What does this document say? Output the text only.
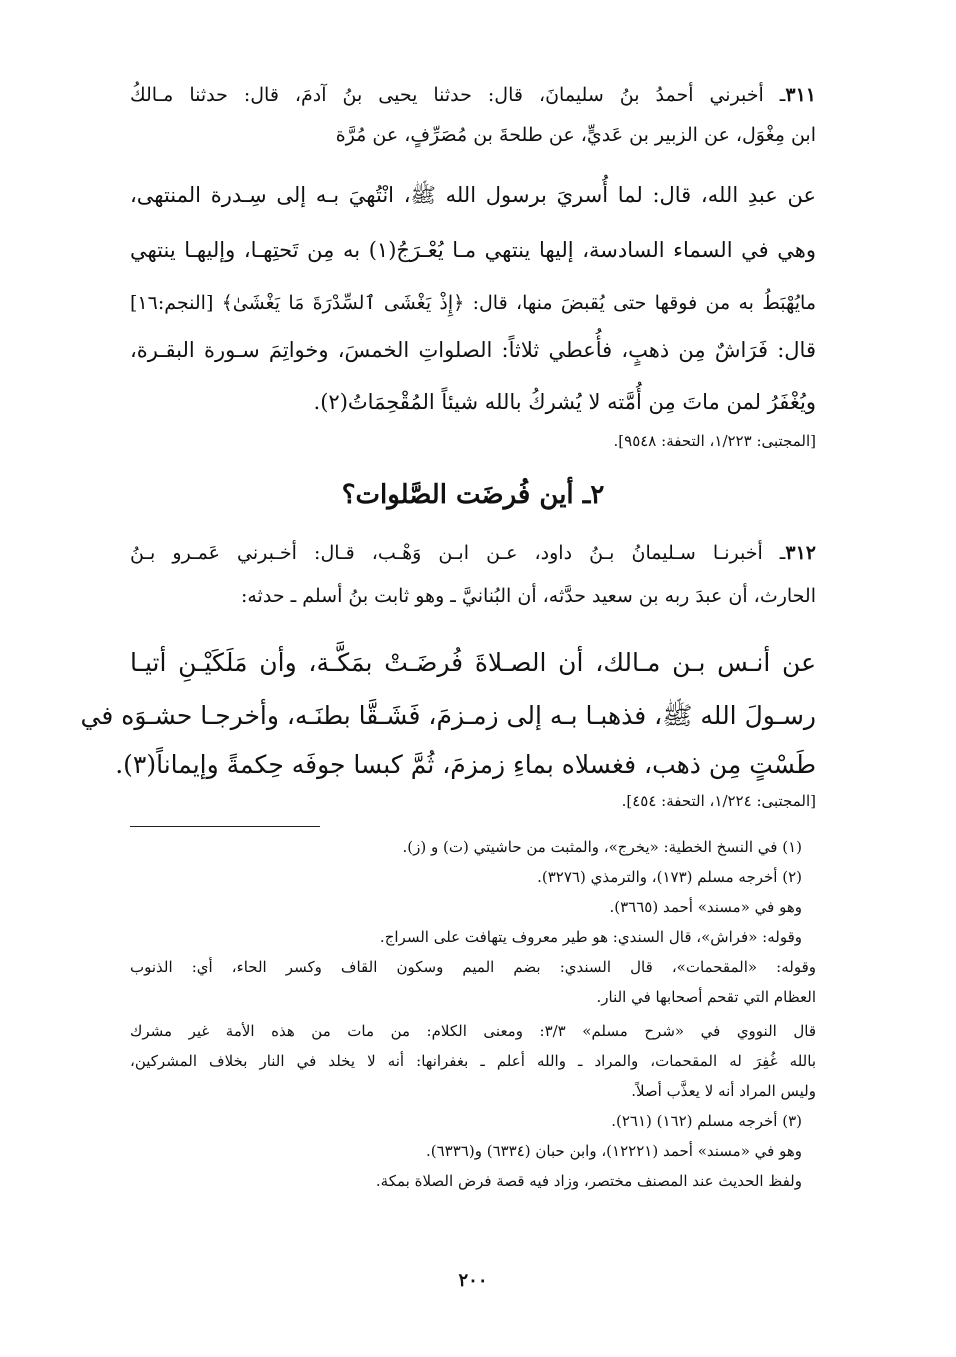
٣١١ـ أخبرني أحمدُ بنُ سليمانَ، قال: حدثنا يحيى بنُ آدمَ، قال: حدثنا مـالكُ
ابن مِغْوَل، عن الزبير بن عَديٍّ، عن طلحةَ بن مُصَرِّفٍ، عن مُرَّة
عن عبدِ الله، قال: لما أُسريَ برسول الله ﷺ، انْتُهيَ بـه إلى سِـدرة المنتهى،
وهي في السماء السادسة، إليها ينتهي مـا يُعْـرَجُ(١) به مِن تَحتِهـا، وإليهـا ينتهي
مايُهْبَطُ به من فوقها حتى يُقبضَ منها، قال: ﴿إِذْ يَغْشَى ٱلسِّدْرَةَ مَا يَغْشَىٰ﴾ [النجم:١٦]
قال: فَرَاشٌ مِن ذهبٍ، فأُعطي ثلاثاً: الصلواتِ الخمسَ، وخواتِمَ سـورة البقـرة،
ويُغْفَرُ لمن ماتَ مِن أُمَّته لا يُشركُ بالله شيئاً المُقْحِمَاتُ(٢).
[المجتبى: ١/٢٢٣، التحفة: ٩٥٤٨].
٢ـ أين فُرضَت الصَّلوات؟
٣١٢ـ أخبرنـا سـليمانُ بـنُ داود، عـن ابـن وَهْـب، قـال: أخـبرني عَمـرو بـنُ
الحارث، أن عبدَ ربه بن سعيد حدَّثه، أن البُنانيَّ ـ وهو ثابت بنُ أسلم ـ حدثه:
عن أنـس بـن مـالك، أن الصـلاةَ فُرضَـتْ بمَكَّـة، وأن مَلَكَيْـنِ أتيـا
رسـولَ الله ﷺ، فذهبـا بـه إلى زمـزمَ، فَشَـقَّا بطنَـه، وأخرجـا حشـوَه في
طَسْتٍ مِن ذهب، فغسلاه بماءِ زمزمَ، ثُمَّ كبسا جوفَه حِكمةً وإيماناً(٣).
[المجتبى: ١/٢٢٤، التحفة: ٤٥٤].
(١) في النسخ الخطية: «يخرج»، والمثبت من حاشيتي (ت) و (ز).
(٢) أخرجه مسلم (١٧٣)، والترمذي (٣٢٧٦).
وهو في «مسند» أحمد (٣٦٦٥).
وقوله: «فراش»، قال السندي: هو طير معروف يتهافت على السراج.
وقوله: «المقحمات»، قال السندي: بضم الميم وسكون القاف وكسر الحاء، أي: الذنوب
العظام التي تقحم أصحابها في النار.
قال النووي في «شرح مسلم» ٣/٣: ومعنى الكلام: من مات من هذه الأمة غير مشرك
بالله غُفِرَ له المقحمات، والمراد ـ والله أعلم ـ بغفرانها: أنه لا يخلد في النار بخلاف المشركين،
وليس المراد أنه لا يعذَّب أصلاً.
(٣) أخرجه مسلم (١٦٢) (٢٦١).
وهو في «مسند» أحمد (١٢٢٢١)، وابن حبان (٦٣٣٤) و(٦٣٣٦).
ولفظ الحديث عند المصنف مختصر، وزاد فيه قصة فرض الصلاة بمكة.
٢٠٠
